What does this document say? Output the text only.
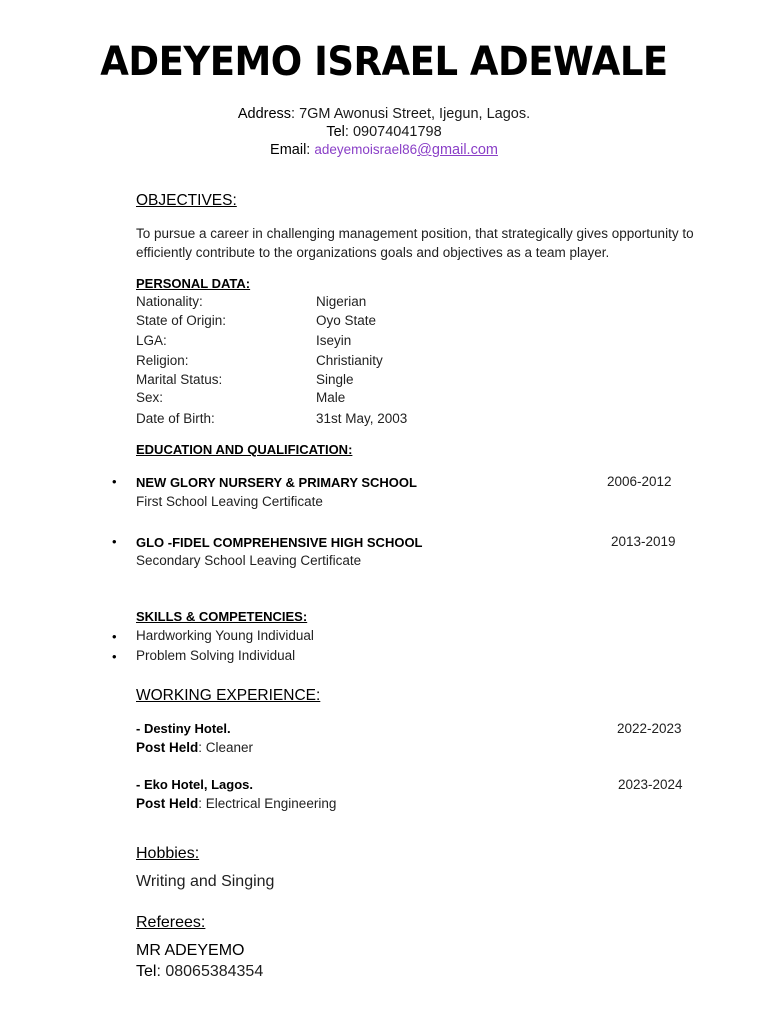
ADEYEMO ISRAEL ADEWALE
Address: 7GM Awonusi Street, Ijegun, Lagos.
Tel: 09074041798
Email: adeyemoisrael86@gmail.com
OBJECTIVES:
To pursue a career in challenging management position, that strategically gives opportunity to efficiently contribute to the organizations goals and objectives as a team player.
PERSONAL DATA:
Nationality:	Nigerian
State of Origin:	Oyo State
LGA:	Iseyin
Religion:	Christianity
Marital Status:	Single
Sex:	Male
Date of Birth:	31st May, 2003
EDUCATION AND QUALIFICATION:
• NEW GLORY NURSERY & PRIMARY SCHOOL	2006-2012
First School Leaving Certificate
• GLO -FIDEL COMPREHENSIVE HIGH SCHOOL	2013-2019
Secondary School Leaving Certificate
SKILLS & COMPETENCIES:
• Hardworking Young Individual
• Problem Solving Individual
WORKING EXPERIENCE:
- Destiny Hotel.	2022-2023
Post Held: Cleaner
- Eko Hotel, Lagos.	2023-2024
Post Held: Electrical Engineering
Hobbies:
Writing and Singing
Referees:
MR ADEYEMO
Tel: 08065384354
